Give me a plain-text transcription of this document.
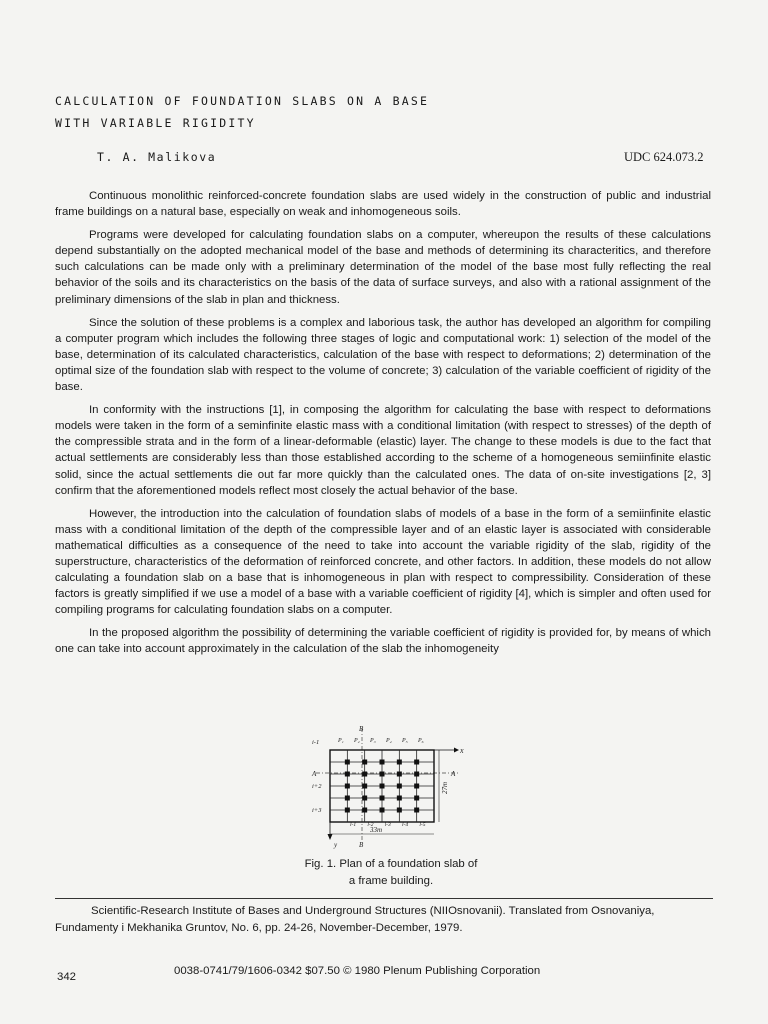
CALCULATION OF FOUNDATION SLABS ON A BASE
WITH VARIABLE RIGIDITY
T. A. Malikova	UDC 624.073.2

Continuous monolithic reinforced-concrete foundation slabs are used widely in the construction of public and industrial frame buildings on a natural base, especially on weak and inhomogeneous soils.

Programs were developed for calculating foundation slabs on a computer, whereupon the results of these calculations depend substantially on the adopted mechanical model of the base and methods of determining its characteritics, and therefore such calculations can be made only with a preliminary determination of the model of the base most fully reflecting the real behavior of the soils and its characteristics on the basis of the data of surface surveys, and also with a rational assignment of the preliminary dimensions of the slab in plan and thickness.

Since the solution of these problems is a complex and laborious task, the author has developed an algorithm for compiling a computer program which includes the following three stages of logic and computational work: 1) selection of the model of the base, determination of its calculated characteristics, calculation of the base with respect to deformations; 2) determination of the optimal size of the foundation slab with respect to the volume of concrete; 3) calculation of the variable coefficient of rigidity of the base.

In conformity with the instructions [1], in composing the algorithm for calculating the base with respect to deformations models were taken in the form of a seminfinite elastic mass with a conditional limitation (with respect to stresses) of the depth of the compressible strata and in the form of a linear-deformable (elastic) layer. The change to these models is due to the fact that actual settlements are considerably less than those established according to the scheme of a homogeneous semiinfinite elastic solid, since the actual settlements die out far more quickly than the calculated ones. The data of on-site investigations [2, 3] confirm that the aforementioned models reflect most closely the actual behavior of the base.

However, the introduction into the calculation of foundation slabs of models of a base in the form of a semiinfinite elastic mass with a conditional limitation of the depth of the compressible layer and of an elastic layer is associated with considerable mathematical difficulties as a consequence of the need to take into account the variable rigidity of the slab, rigidity of the superstructure, characteristics of the deformation of reinforced concrete, and other factors. In addition, these models do not allow calculating a foundation slab on a base that is inhomogeneous in plan with respect to compressibility. Consideration of these factors is greatly simplified if we use a model of a base with a variable coefficient of rigidity [4], which is simpler and often used for compiling programs for calculating foundation slabs on a computer.

In the proposed algorithm the possibility of determining the variable coefficient of rigidity is provided for, by means of which one can take into account approximately in the calculation of the slab the inhomogeneity

x
y
B
B
A	A
i-1
i+2
i+3
P₁ P₂ P₃ P₄ P₅ P₆
27m
33m
l-1 l-2 l-3 l-4 l-5
Fig. 1. Plan of a foundation slab of
a frame building.
Scientific-Research Institute of Bases and Underground Structures (NIIOsnovanii). Translated from Osnovaniya, Fundamenty i Mekhanika Gruntov, No. 6, pp. 24-26, November-December, 1979.
342	0038-0741/79/1606-0342 $07.50 © 1980 Plenum Publishing Corporation
